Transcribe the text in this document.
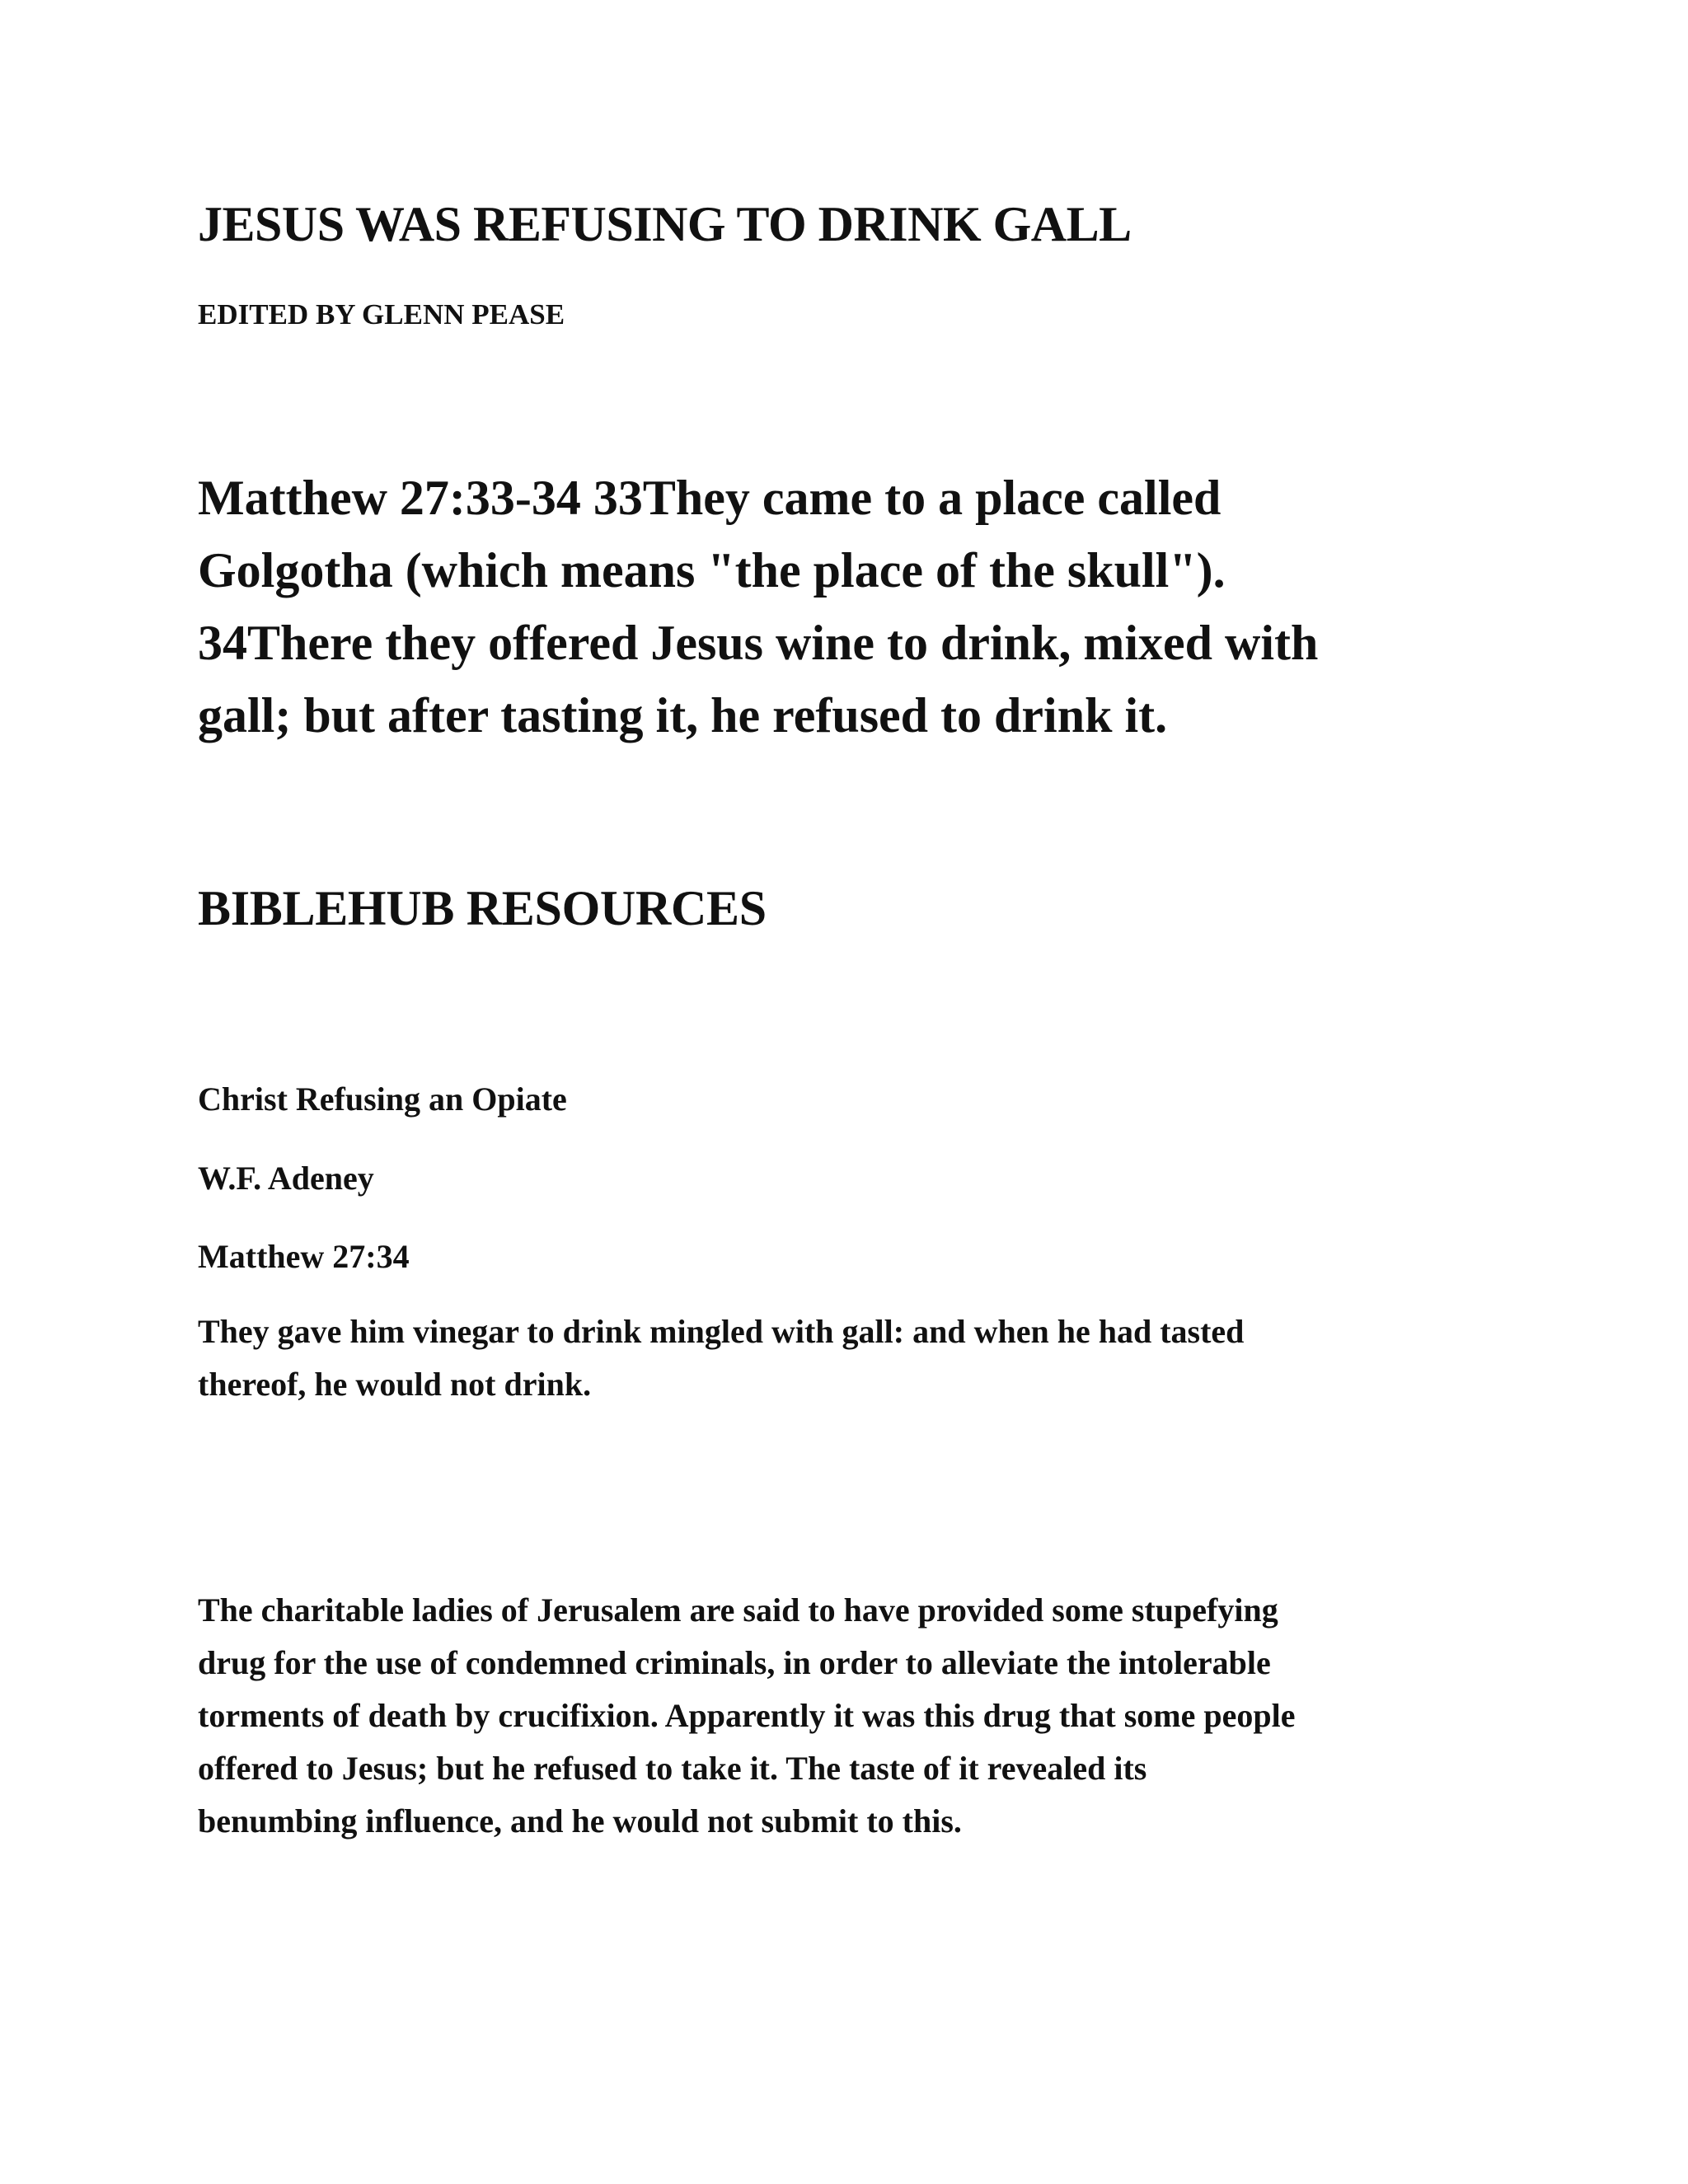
JESUS WAS REFUSING TO DRINK GALL
EDITED BY GLENN PEASE
Matthew 27:33-34 33They came to a place called
Golgotha (which means "the place of the skull").
34There they offered Jesus wine to drink, mixed with
gall; but after tasting it, he refused to drink it.
BIBLEHUB RESOURCES
Christ Refusing an Opiate
W.F. Adeney
Matthew 27:34
They gave him vinegar to drink mingled with gall: and when he had tasted
thereof, he would not drink.
The charitable ladies of Jerusalem are said to have provided some stupefying
drug for the use of condemned criminals, in order to alleviate the intolerable
torments of death by crucifixion. Apparently it was this drug that some people
offered to Jesus; but he refused to take it. The taste of it revealed its
benumbing influence, and he would not submit to this.
